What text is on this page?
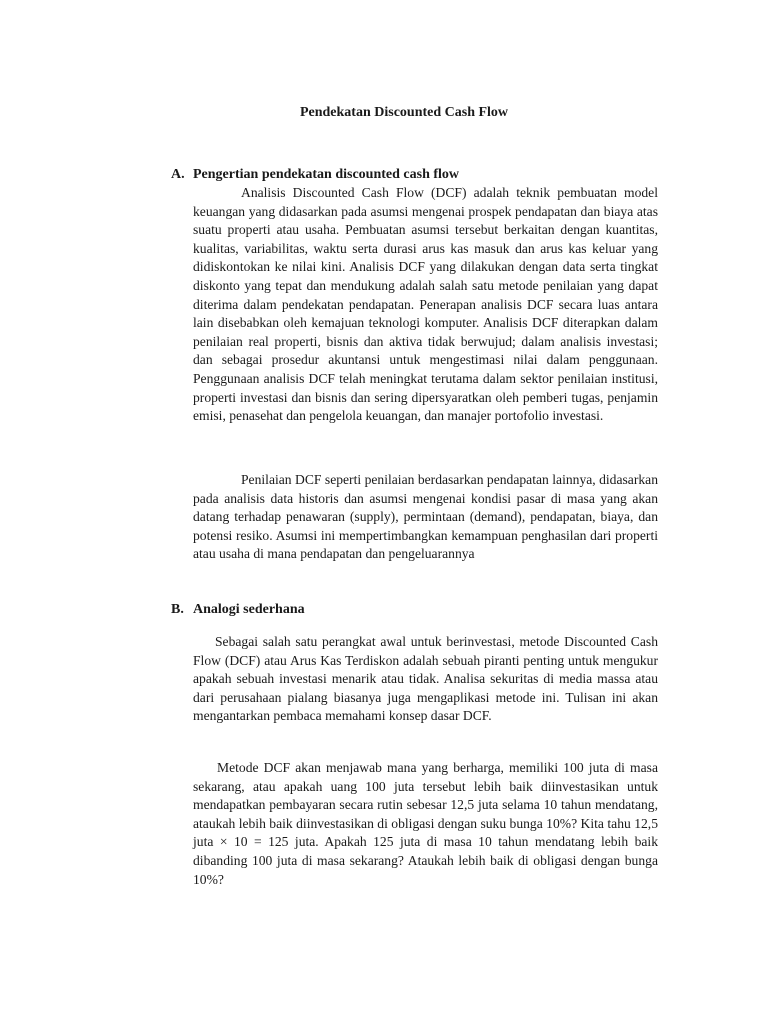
Pendekatan Discounted Cash Flow
A. Pengertian pendekatan discounted cash flow

Analisis Discounted Cash Flow (DCF) adalah teknik pembuatan model keuangan yang didasarkan pada asumsi mengenai prospek pendapatan dan biaya atas suatu properti atau usaha. Pembuatan asumsi tersebut berkaitan dengan kuantitas, kualitas, variabilitas, waktu serta durasi arus kas masuk dan arus kas keluar yang didiskontokan ke nilai kini. Analisis DCF yang dilakukan dengan data serta tingkat diskonto yang tepat dan mendukung adalah salah satu metode penilaian yang dapat diterima dalam pendekatan pendapatan. Penerapan analisis DCF secara luas antara lain disebabkan oleh kemajuan teknologi komputer. Analisis DCF diterapkan dalam penilaian real properti, bisnis dan aktiva tidak berwujud; dalam analisis investasi; dan sebagai prosedur akuntansi untuk mengestimasi nilai dalam penggunaan. Penggunaan analisis DCF telah meningkat terutama dalam sektor penilaian institusi, properti investasi dan bisnis dan sering dipersyaratkan oleh pemberi tugas, penjamin emisi, penasehat dan pengelola keuangan, dan manajer portofolio investasi.

Penilaian DCF seperti penilaian berdasarkan pendapatan lainnya, didasarkan pada analisis data historis dan asumsi mengenai kondisi pasar di masa yang akan datang terhadap penawaran (supply), permintaan (demand), pendapatan, biaya, dan potensi resiko. Asumsi ini mempertimbangkan kemampuan penghasilan dari properti atau usaha di mana pendapatan dan pengeluarannya

B. Analogi sederhana

Sebagai salah satu perangkat awal untuk berinvestasi, metode Discounted Cash Flow (DCF) atau Arus Kas Terdiskon adalah sebuah piranti penting untuk mengukur apakah sebuah investasi menarik atau tidak. Analisa sekuritas di media massa atau dari perusahaan pialang biasanya juga mengaplikasi metode ini. Tulisan ini akan mengantarkan pembaca memahami konsep dasar DCF.

Metode DCF akan menjawab mana yang berharga, memiliki 100 juta di masa sekarang, atau apakah uang 100 juta tersebut lebih baik diinvestasikan untuk mendapatkan pembayaran secara rutin sebesar 12,5 juta selama 10 tahun mendatang, ataukah lebih baik diinvestasikan di obligasi dengan suku bunga 10%? Kita tahu 12,5 juta × 10 = 125 juta. Apakah 125 juta di masa 10 tahun mendatang lebih baik dibanding 100 juta di masa sekarang? Ataukah lebih baik di obligasi dengan bunga 10%?
